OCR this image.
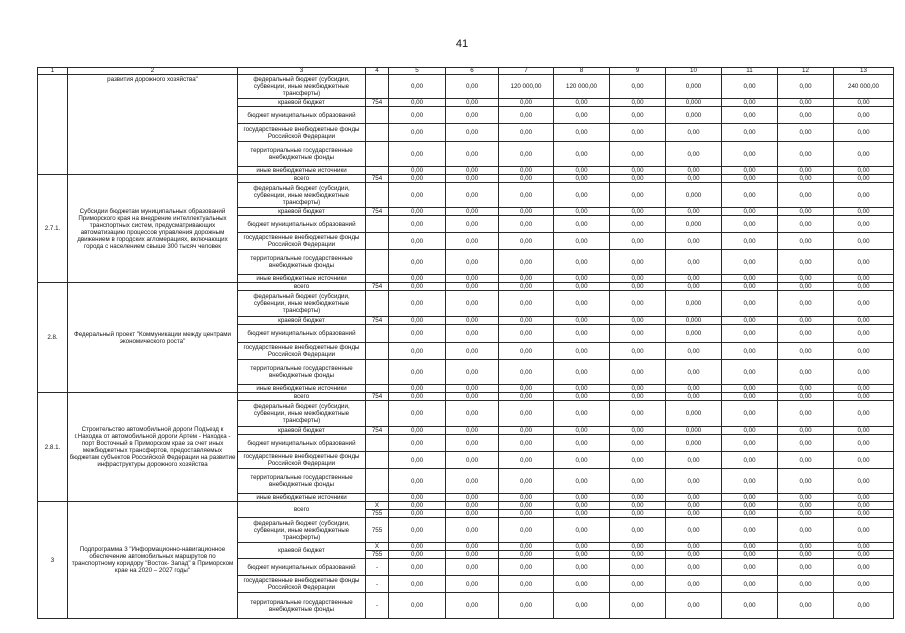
41
1	2	3	4	5	6	7	8	9	10	11	12	13
	развития дорожного хозяйства"	федеральный бюджет (субсидии, субвенции, иные межбюджетные трансферты)		0,00	0,00	120 000,00	120 000,00	0,00	0,000	0,00	0,00	240 000,00
		краевой бюджет	754	0,00	0,00	0,00	0,00	0,00	0,000	0,00	0,00	0,00
		бюджет муниципальных образований		0,00	0,00	0,00	0,00	0,00	0,000	0,00	0,00	0,00
		государственные внебюджетные фонды Российской Федерации		0,00	0,00	0,00	0,00	0,00	0,00	0,00	0,00	0,00
		территориальные государственные внебюджетные фонды		0,00	0,00	0,00	0,00	0,00	0,00	0,00	0,00	0,00
		иные внебюджетные источники		0,00	0,00	0,00	0,00	0,00	0,00	0,00	0,00	0,00
2.7.1.	Субсидии бюджетам муниципальных образований Приморского края на внедрение интеллектуальных транспортных систем, предусматривающих автоматизацию процессов управления дорожным движением в городских агломерациях, включающих города с населением свыше 300 тысяч человек	всего	754	0,00	0,00	0,00	0,00	0,00	0,00	0,00	0,00	0,00
		федеральный бюджет (субсидии, субвенции, иные межбюджетные трансферты)		0,00	0,00	0,00	0,00	0,00	0,000	0,00	0,00	0,00
		краевой бюджет	754	0,00	0,00	0,00	0,00	0,00	0,00	0,00	0,00	0,00
		бюджет муниципальных образований		0,00	0,00	0,00	0,00	0,00	0,000	0,00	0,00	0,00
		государственные внебюджетные фонды Российской Федерации		0,00	0,00	0,00	0,00	0,00	0,00	0,00	0,00	0,00
		территориальные государственные внебюджетные фонды		0,00	0,00	0,00	0,00	0,00	0,00	0,00	0,00	0,00
		иные внебюджетные источники		0,00	0,00	0,00	0,00	0,00	0,00	0,00	0,00	0,00
2.8.	Федеральный проект "Коммуникации между центрами экономического роста"	всего	754	0,00	0,00	0,00	0,00	0,00	0,00	0,00	0,00	0,00
		федеральный бюджет (субсидии, субвенции, иные межбюджетные трансферты)		0,00	0,00	0,00	0,00	0,00	0,000	0,00	0,00	0,00
		краевой бюджет	754	0,00	0,00	0,00	0,00	0,00	0,000	0,00	0,00	0,00
		бюджет муниципальных образований		0,00	0,00	0,00	0,00	0,00	0,000	0,00	0,00	0,00
		государственные внебюджетные фонды Российской Федерации		0,00	0,00	0,00	0,00	0,00	0,00	0,00	0,00	0,00
		территориальные государственные внебюджетные фонды		0,00	0,00	0,00	0,00	0,00	0,00	0,00	0,00	0,00
		иные внебюджетные источники		0,00	0,00	0,00	0,00	0,00	0,00	0,00	0,00	0,00
2.8.1.	Строительство автомобильной дороги Подъезд к г.Находка от автомобильной дороги Артем - Находка - порт Восточный в Приморском крае за счет иных межбюджетных трансфертов, предоставляемых бюджетам субъектов Российской Федерации на развитие инфраструктуры дорожного хозяйства	всего	754	0,00	0,00	0,00	0,00	0,00	0,00	0,00	0,00	0,00
		федеральный бюджет (субсидии, субвенции, иные межбюджетные трансферты)		0,00	0,00	0,00	0,00	0,00	0,000	0,00	0,00	0,00
		краевой бюджет	754	0,00	0,00	0,00	0,00	0,00	0,000	0,00	0,00	0,00
		бюджет муниципальных образований		0,00	0,00	0,00	0,00	0,00	0,000	0,00	0,00	0,00
		государственные внебюджетные фонды Российской Федерации		0,00	0,00	0,00	0,00	0,00	0,00	0,00	0,00	0,00
		территориальные государственные внебюджетные фонды		0,00	0,00	0,00	0,00	0,00	0,00	0,00	0,00	0,00
		иные внебюджетные источники		0,00	0,00	0,00	0,00	0,00	0,00	0,00	0,00	0,00
3	Подпрограмма 3 "Информационно-навигационное обеспечение автомобильных маршрутов по транспортному коридору "Восток- Запад" в Приморском крае на 2020 – 2027 годы"	всего	X	0,00	0,00	0,00	0,00	0,00	0,00	0,00	0,00	0,00
			755	0,00	0,00	0,00	0,00	0,00	0,00	0,00	0,00	0,00
		федеральный бюджет (субсидии, субвенции, иные межбюджетные трансферты)	755	0,00	0,00	0,00	0,00	0,00	0,00	0,00	0,00	0,00
		краевой бюджет	X	0,00	0,00	0,00	0,00	0,00	0,00	0,00	0,00	0,00
			755	0,00	0,00	0,00	0,00	0,00	0,00	0,00	0,00	0,00
		бюджет муниципальных образований	-	0,00	0,00	0,00	0,00	0,00	0,00	0,00	0,00	0,00
		государственные внебюджетные фонды Российской Федерации	-	0,00	0,00	0,00	0,00	0,00	0,00	0,00	0,00	0,00
		территориальные государственные внебюджетные фонды	-	0,00	0,00	0,00	0,00	0,00	0,00	0,00	0,00	0,00
